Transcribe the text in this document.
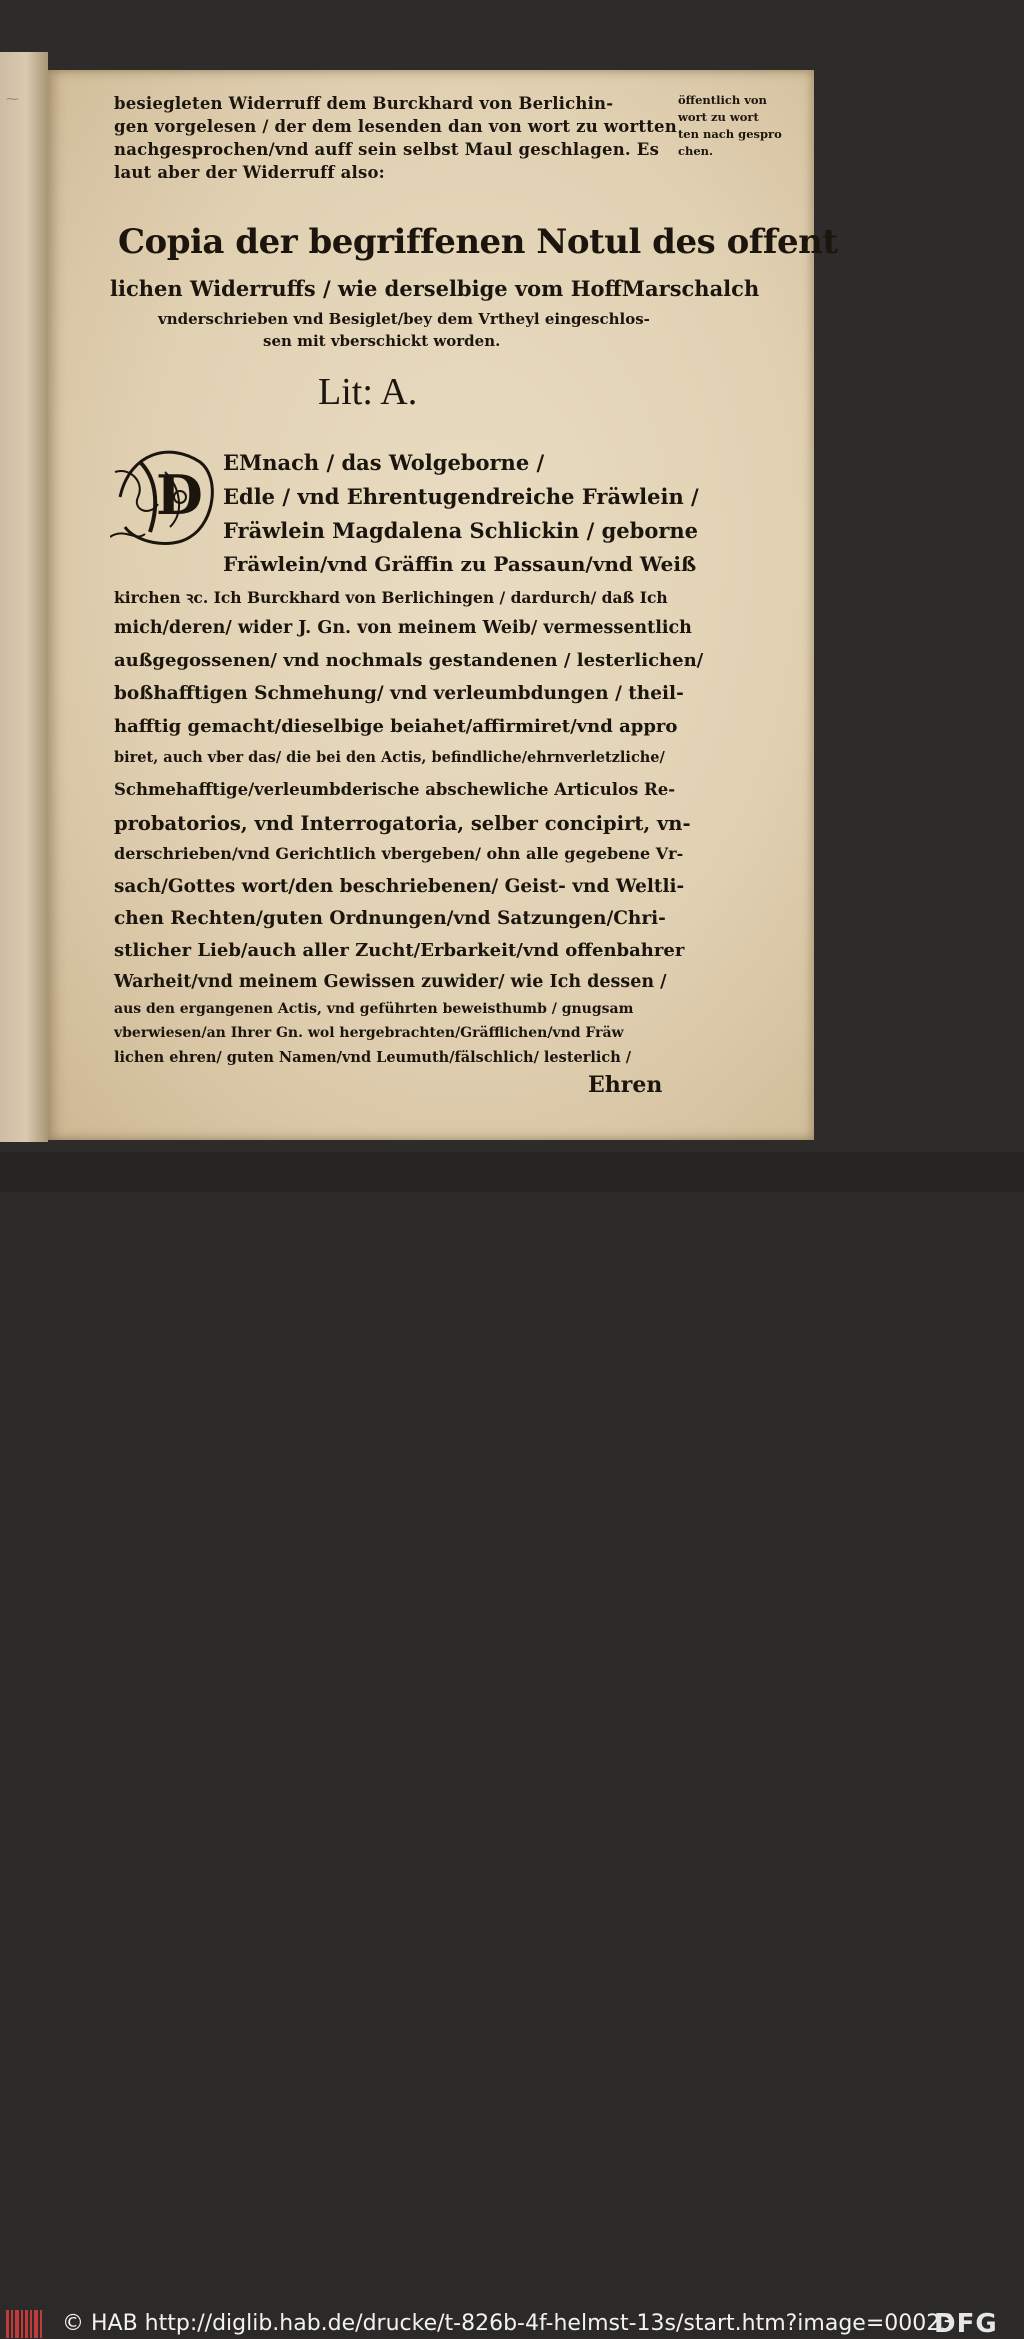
⁓	öffentlich von
wort zu wort
ten nach gespro
chen.
besiegleten Widerruff dem Burckhard von Berlichin-
gen vorgelesen / der dem lesenden dan von wort zu wortten
nachgesprochen/vnd auff sein selbst Maul geschlagen. Es
laut aber der Widerruff also:
Copia der begriffenen Notul des offent
lichen Widerruffs / wie derselbige vom HoffMarschalch
vnderschrieben vnd Besiglet/bey dem Vrtheyl eingeschlos-
sen mit vberschickt worden.
Lit: A.
D
EMnach / das Wolgeborne /
Edle / vnd Ehrentugendreiche Fräwlein /
Fräwlein Magdalena Schlickin / geborne
Fräwlein/vnd Gräffin zu Passaun/vnd Weiß
kirchen ꝛc. Ich Burckhard von Berlichingen / dardurch/ daß Ich
mich/deren/ wider J. Gn. von meinem Weib/ vermessentlich
außgegossenen/ vnd nochmals gestandenen / lesterlichen/
boßhafftigen Schmehung/ vnd verleumbdungen / theil-
hafftig gemacht/dieselbige beiahet/affirmiret/vnd appro
biret, auch vber das/ die bei den Actis, befindliche/ehrnverletzliche/
Schmehafftige/verleumbderische abschewliche Articulos Re-
probatorios, vnd Interrogatoria, selber concipirt, vn-
derschrieben/vnd Gerichtlich vbergeben/ ohn alle gegebene Vr-
sach/Gottes wort/den beschriebenen/ Geist- vnd Weltli-
chen Rechten/guten Ordnungen/vnd Satzungen/Chri-
stlicher Lieb/auch aller Zucht/Erbarkeit/vnd offenbahrer
Warheit/vnd meinem Gewissen zuwider/ wie Ich dessen /
aus den ergangenen Actis, vnd geführten beweisthumb / gnugsam
vberwiesen/an Ihrer Gn. wol hergebrachten/Gräfflichen/vnd Fräw
lichen ehren/ guten Namen/vnd Leumuth/fälschlich/ lesterlich /
Ehren
© HAB http://diglib.hab.de/drucke/t-826b-4f-helmst-13s/start.htm?image=00023
DFG
